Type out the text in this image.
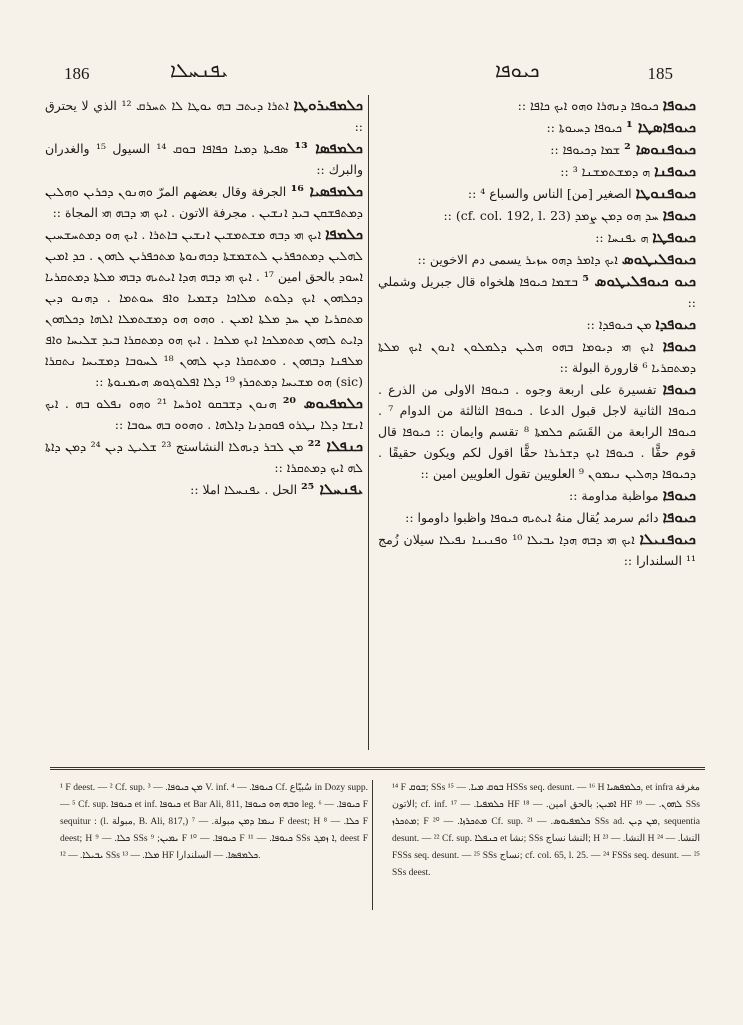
186	ܝܦܢܚܠܐ	ܟܝܘܦܐ	185
ܟܠܡܦܝܪܘܛܐ ܐܬܪܐ ܕܝܬܒ ܒܗ ܝܘܛܐ ܠܐ ܬܚܪܩ ¹² الذي لا يحترق ::
ܟܠܡܦܣܐ ¹³ ܣܦܝܬܐ ܕܡܝܐ ܟܦܐܦܐ ܒܘܩ ¹⁴ السيول ¹⁵ والغدران والبرك ::
ܟܠܡܦܣܝܐ ¹⁶ الجرفة وقال بعضهم المرّ ܘܗܢܘܢ ܕܟܪܝܢ ܘܗܠܝܢ ܕܡܬܦܫܩܢ ܒܝܕ ܐܢܫܝܢ . مجرفة الاتون . ܐܝܟ ܗܝ ܕܒܗ ܗܝ المجاة ::
ܟܠܡܦܐ ܐܝܟ ܗܝ ܕܒܗ ܡܫܬܡܫܝܢ ܐܢܫܝܢ ܒܐܬܪܐ . ܐܝܟ ܗܘ ܕܡܬܚܫܚܝܢ ܠܗܠܝܢ ܕܡܬܟܦܪܝܢ ܠܬܫܡܫܬܐ ܕܟܗܢܘܬܐ ܡܬܟܦܪܝܢ ܠܗܘܢ . ܟܕ ܐܡܝܢ ܐܚܘܕ بالحق امين ¹⁷ . ܐܝܟ ܗܝ ܕܒܗ ܗܕܐ ܐܝܬܝܗ ܕܒܗܝ ܡܠܬܐ ܕܡܬܩܪܝܐ ܕܟܠܗܘܢ ܐܝܟ ܕܠܘܬ ܡܠܐܟܐ ܕܫܡܝܐ ܘܐܦ ܚܘܬܡܐ . ܕܗܢܘ ܕܝܢ ܡܬܩܪܝܐ ܡܢ ܚܕ ܡܠܬܐ ܐܡܝܢ . ܘܗܘ ܗܘ ܕܡܫܬܡܠܐ ܐܠܗܐ ܕܟܠܗܘܢ ܕܐܝܬ ܠܗܘܢ ܡܬܡܠܟܐ ܐܝܟ ܡܠܟܐ . ܐܝܟ ܗܘ ܕܡܬܩܪܐ ܒܝܕ ܫܠܝܚܐ ܘܐܦ ܡܠܦܢܐ ܕܒܗܘܢ . ܘܡܬܩܪܐ ܕܝܢ ܠܗܘܢ ¹⁸ ܠܚܘܒܐ ܕܡܫܝܚܐ ܢܬܩܪܐ (sic) ܗܘ ܡܫܝܚܐ ܕܡܬܟܪܙ ¹⁹ ܕܠܐ ܐܦܠܘܓܘܣ ܗܝܡܢܘܬܐ ::
ܟܠܡܦܝܘܣ ²⁰ ܗܢܘܢ ܕܫܒܩܘ ܐܘܪܚܐ ²¹ ܘܗܘ ܢܦܠܘ ܒܗ . ܐܝܟ ܐܢܫܐ ܕܠܐ ܢܛܪܘ ܦܘܩܕܢܐ ܕܐܠܗܐ . ܘܗܘܘ ܒܗ ܚܘܒܐ ::
ܟܢܦܠܐ ²² ܡܢ ܠܒܪ ܕܝܗܠܐ النشاستج ²³ ܫܠܝܛ ܕܝܢ ²⁴ ܕܡܢ ܕܐܬܐ ܠܗ ܐܝܟ ܕܡܬܩܪܐ ::
ܝܦܢܚܠܐ ²⁵ الحل . ܝܦܢܚܠܐ املا ::
ܟܝܘܦܐ ܟܝܘܦܐ ܕܢܗܪܐ ܘܗܘ ܐܝܟ ܟܐܦܐ ::
ܟܝܘܦܐܣܛܐ ¹ ܟܝܘܦܐ ܕܚܝܘܬܐ ::
ܟܝܘܦܢܘܣܐ ² ܫܡܐ ܕܟܝܘܦܐ ::
ܟܝܘܦܢܐ ܗ ܕܡܫܬܡܫܢܐ ³ ::
ܟܝܘܦܢܘܛܐ الصغير [من] الناس والسباع ⁴ ::
ܟܝܘܦܐ ܚܕ ܗܘ ܕܡܢ ܨܡܕ (cf. col. 192, l. 23) ::
ܟܝܘܦܛܐ ܗ ܝܦܢܚܐ ::
ܟܝܘܦܠܝܛܘܣ ܐܝܟ ܕܐܡܪ ܕܗܘ ܚܙܝܪ يسمى دم الاخوين ::
ܟܝܘ ܟܝܘܦܠܝܛܘܣ ⁵ ܒܫܡܐ ܟܝܘܦܐ هلخواه قال جبريل وشملي ::
ܟܝܘܦܕܐ ܡܢ ܟܝܘܦܕܐ ::
ܟܝܘܦܐ ܐܝܟ ܗܝ ܕܝܘܡܐ ܒܗܘ ܗܠܝܢ ܕܠܡܠܘܢ ܐܢܘܢ ܐܝܟ ܡܠܬܐ ܕܡܬܩܪܝܐ ⁶ قارورة البولة ::
ܟܝܘܦܐ تفسيرة على اربعة وجوه . ܟܝܘܦܐ الاولى من الذرع . ܟܝܘܦܐ الثانية لاجل قبول الدعا . ܟܝܘܦܐ الثالثة من الدوام ⁷ . ܟܝܘܦܐ الرابعة من القَسَم ܟܠܡܬܐ ⁸ تقسم وايمان :: ܟܝܘܦܐ قال قوم حقًّا . ܟܝܘܦܐ ܐܝܟ ܕܫܪܝܪܐ حقًّا اقول لكم ويكون حقيقًا . ܕܟܝܘܦܐ ܕܗܠܝܢ ܢܝܡܘܢ ⁹ العلويين تقول العلويين امين ::
ܟܝܘܦܐ مواظبة مداومة ::
ܟܝܘܦܐ دائم سرمد يُقال منهُ ܐܝܬܝܗ ܟܝܘܦܐ واظبوا داوموا ::
ܟܝܘܦܢܝܠܐ ܐܝܟ ܗܝ ܕܒܗ ܗܕܐ ܝܒܝܠܐ ¹⁰ ܘܦܢܝܢܐ ܢܦܝܠܐ سيلان زُمج ¹¹ السلندارا ::
¹ F deest. — ² Cf. sup. ܡܢ ܟܝܘܦܐ. — ³ V. inf. ܟܝܘܦܐ. — ⁴ Cf. سُبيّاع in Dozy supp. — ⁵ Cf. sup. ܟܝܘܦܐ et inf. ܟܝܘܦܐ et Bar Ali, 811, ܘܒܗ ܗܘ ܟܝܘܦܐ leg. ܟܝܘܦܐ. — ⁶ F sequitur : (l. مبولة, B. Ali, 817,) ܢܝܡܐ ܕܡܢ مبولة. — ⁷ F deest; H ܟܠܐ. — ⁸ F deest; H ܟܠܐ. — ⁹ SSs ܝܡܝܢ; ⁹ F ܟܝܘܦܐ. — ¹⁰ F ܟܝܘܦܐ. — ¹¹ SSs ܐ ܙܡܓ, deest F ܝܒܝܠܐ. — ¹² SSs ܡܠܐ. — ¹³ HF ܟܠܡܦܣܐ. — السلندارا.
¹⁴ F ܒܘܩ; SSs ܒܘܩ ܡܝܐ. — ¹⁵ HSSs seq. desunt. — ¹⁶ H ܟܠܡܦܣܝܐ, et infra مغرفة الاتون; cf. inf. ܟܠܡܦܝܐ. — ¹⁷ HF ܐܡܝܢ; بالحق امين. — ¹⁸ HF ܠܗܘܢ. — ¹⁹ SSs ܡܬܟܪܙ; F ܡܬܟܪܙܐ. — ²⁰ Cf. sup. ܟܠܡܦܝܘܣ. — ²¹ SSs ad. ܡܢ ܕܝܢ, sequentia desunt. — ²² Cf. sup. ܟܢܦܠܐ et نشا; SSs النشا نساج; H النشا. — ²³ H النشا. — ²⁴ FSSs seq. desunt. — ²⁵ SSs نساج; cf. col. 65, l. 25. — ²⁴ FSSs seq. desunt. — ²⁵ SSs deest.
